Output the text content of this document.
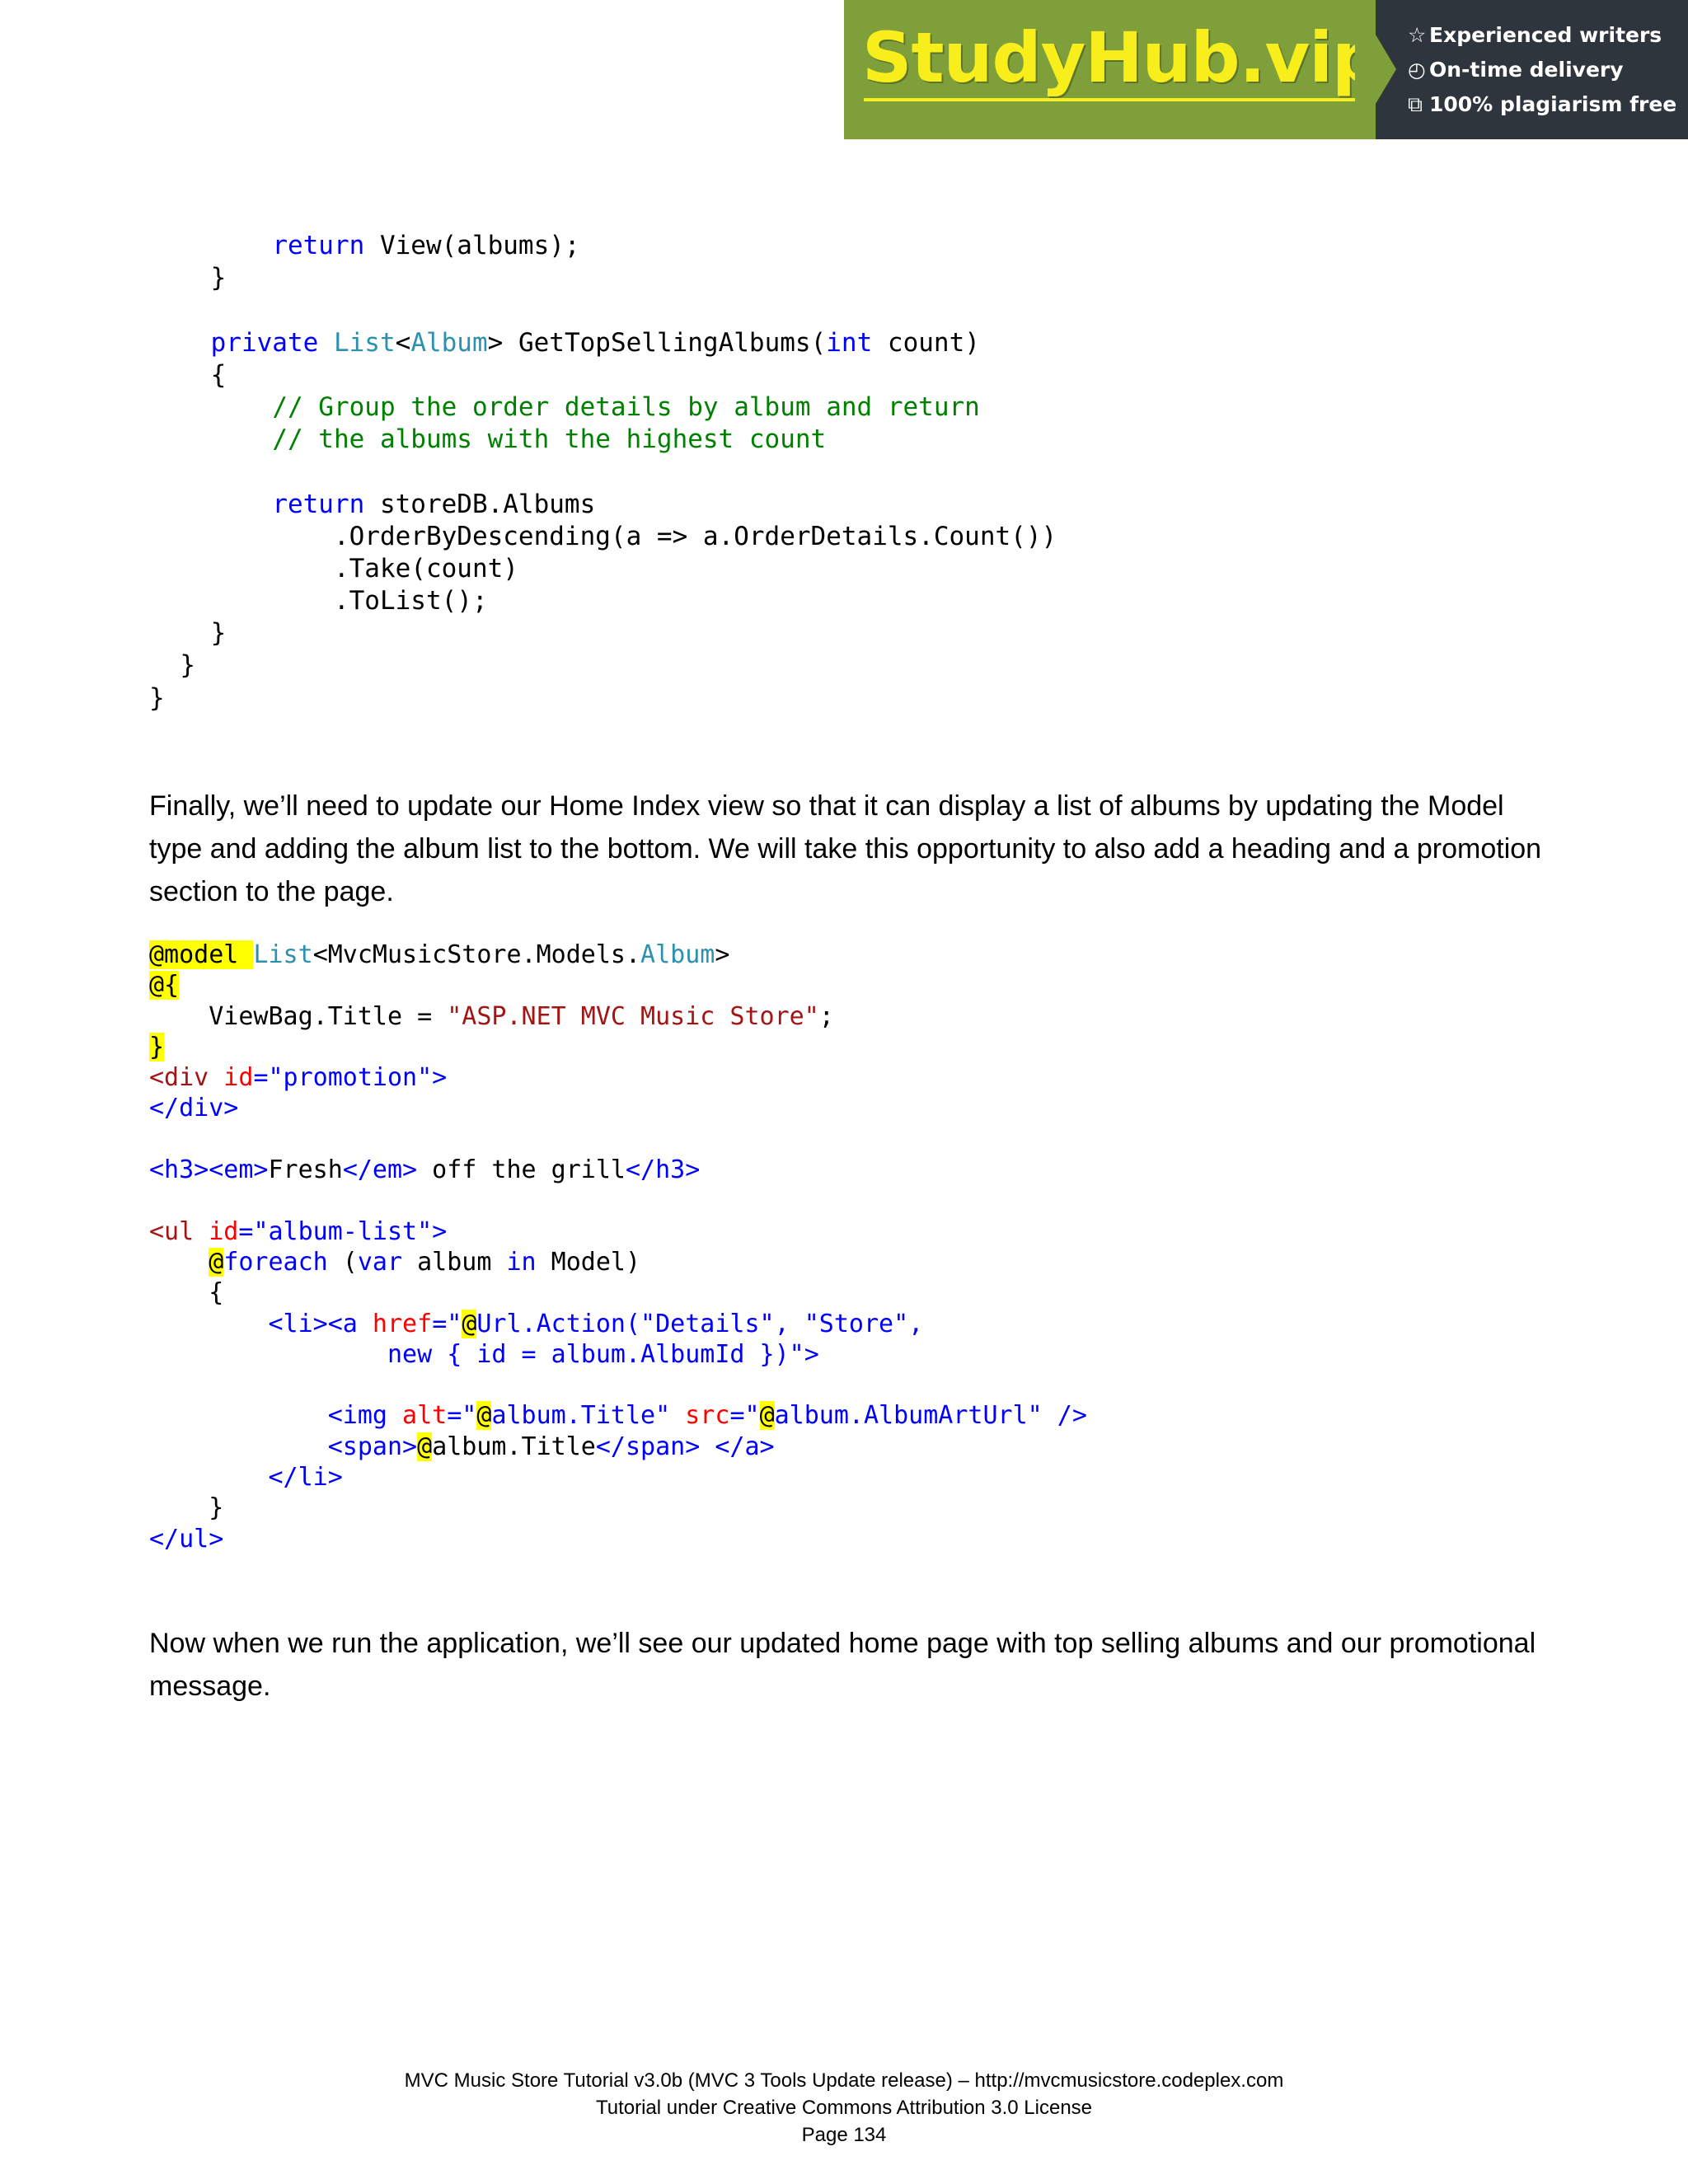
StudyHub.vip ☆ Experienced writers
◴ On-time delivery
⧉ 100% plagiarism free
return View(albums);
}

private List<Album> GetTopSellingAlbums(int count)
{
// Group the order details by album and return
// the albums with the highest count

return storeDB.Albums
.OrderByDescending(a => a.OrderDetails.Count())
.Take(count)
.ToList();
}
}
}

Finally, we’ll need to update our Home Index view so that it can display a list of albums by updating the Model type and adding the album list to the bottom. We will take this opportunity to also add a heading and a promotion section to the page.

@model List<MvcMusicStore.Models.Album>
@{
ViewBag.Title = "ASP.NET MVC Music Store";
}
<div id="promotion">
</div>

<h3><em>Fresh</em> off the grill</h3>

<ul id="album-list">
@foreach (var album in Model)
{
<li><a href="@Url.Action("Details", "Store",
new { id = album.AlbumId })">

<img alt="@album.Title" src="@album.AlbumArtUrl" />
<span>@album.Title</span> </a>
</li>
}
</ul>

Now when we run the application, we’ll see our updated home page with top selling albums and our promotional message.

MVC Music Store Tutorial v3.0b (MVC 3 Tools Update release) – http://mvcmusicstore.codeplex.com
Tutorial under Creative Commons Attribution 3.0 License
Page 134
